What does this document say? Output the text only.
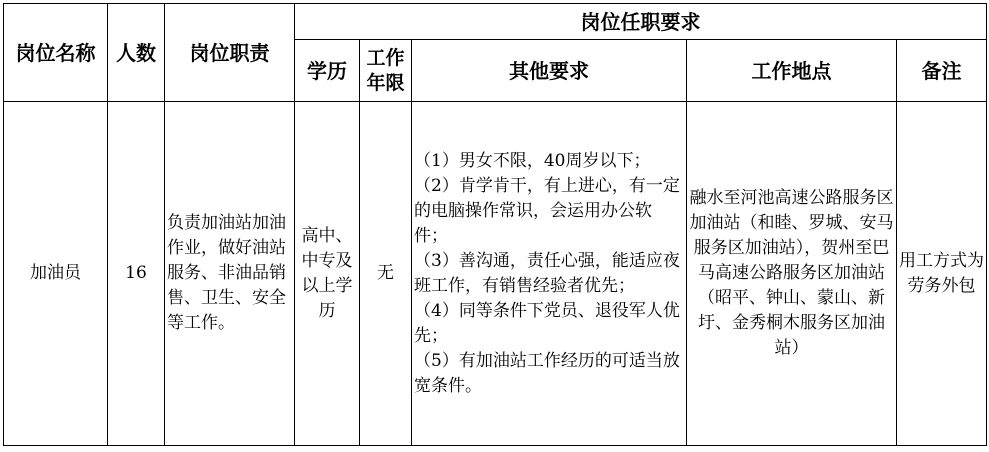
岗位名称	人数	岗位职责	岗位任职要求				
			学历	工作年限	其他要求	工作地点	备注
加油员	16	负责加油站加油作业，做好油站服务、非油品销售、卫生、安全等工作。	高中、中专及以上学历	无	（1）男女不限，40周岁以下；
（2）肯学肯干，有上进心，有一定的电脑操作常识，会运用办公软件；
（3）善沟通，责任心强，能适应夜班工作，有销售经验者优先；
（4）同等条件下党员、退役军人优先；
（5）有加油站工作经历的可适当放宽条件。	融水至河池高速公路服务区加油站（和睦、罗城、安马服务区加油站），贺州至巴马高速公路服务区加油站（昭平、钟山、蒙山、新圩、金秀桐木服务区加油站）	用工方式为劳务外包
